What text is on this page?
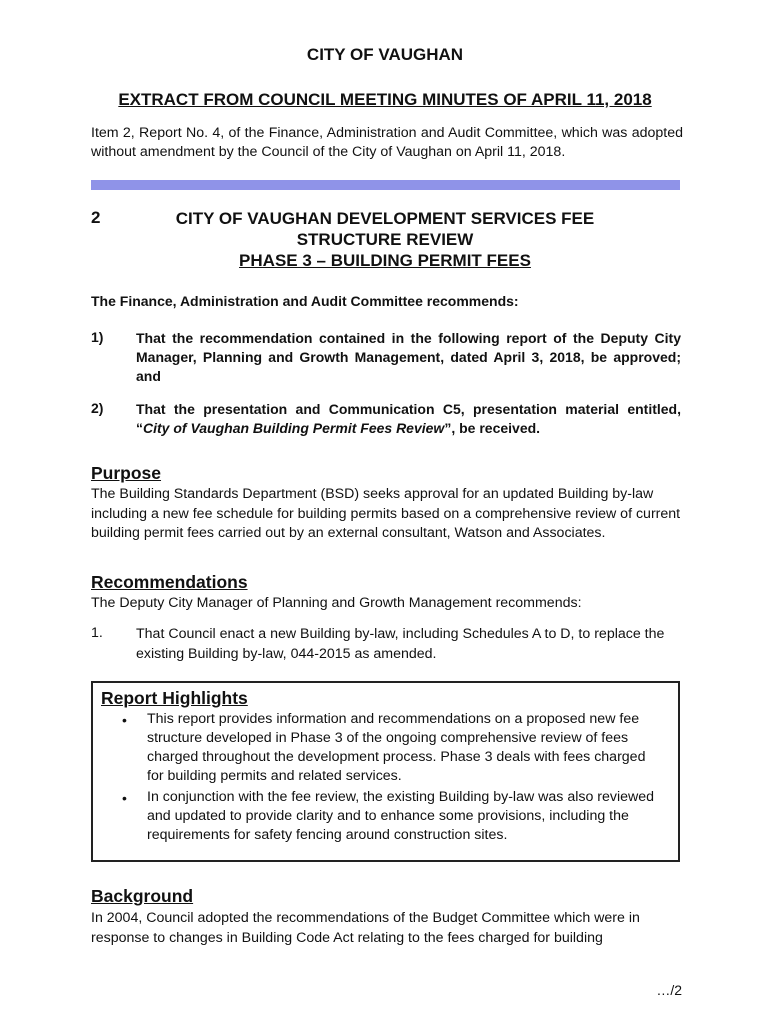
CITY OF VAUGHAN
EXTRACT FROM COUNCIL MEETING MINUTES OF APRIL 11, 2018
Item 2, Report No. 4, of the Finance, Administration and Audit Committee, which was adopted without amendment by the Council of the City of Vaughan on April 11, 2018.
2	CITY OF VAUGHAN DEVELOPMENT SERVICES FEE
STRUCTURE REVIEW
PHASE 3 – BUILDING PERMIT FEES
The Finance, Administration and Audit Committee recommends:
1) That the recommendation contained in the following report of the Deputy City Manager, Planning and Growth Management, dated April 3, 2018, be approved; and
2) That the presentation and Communication C5, presentation material entitled, “City of Vaughan Building Permit Fees Review”, be received.
Purpose
The Building Standards Department (BSD) seeks approval for an updated Building by-law including a new fee schedule for building permits based on a comprehensive review of current building permit fees carried out by an external consultant, Watson and Associates.
Recommendations
The Deputy City Manager of Planning and Growth Management recommends:
1. That Council enact a new Building by-law, including Schedules A to D, to replace the existing Building by-law, 044-2015 as amended.
Report Highlights
• This report provides information and recommendations on a proposed new fee structure developed in Phase 3 of the ongoing comprehensive review of fees charged throughout the development process. Phase 3 deals with fees charged for building permits and related services.
• In conjunction with the fee review, the existing Building by-law was also reviewed and updated to provide clarity and to enhance some provisions, including the requirements for safety fencing around construction sites.
Background
In 2004, Council adopted the recommendations of the Budget Committee which were in response to changes in Building Code Act relating to the fees charged for building
…/2
